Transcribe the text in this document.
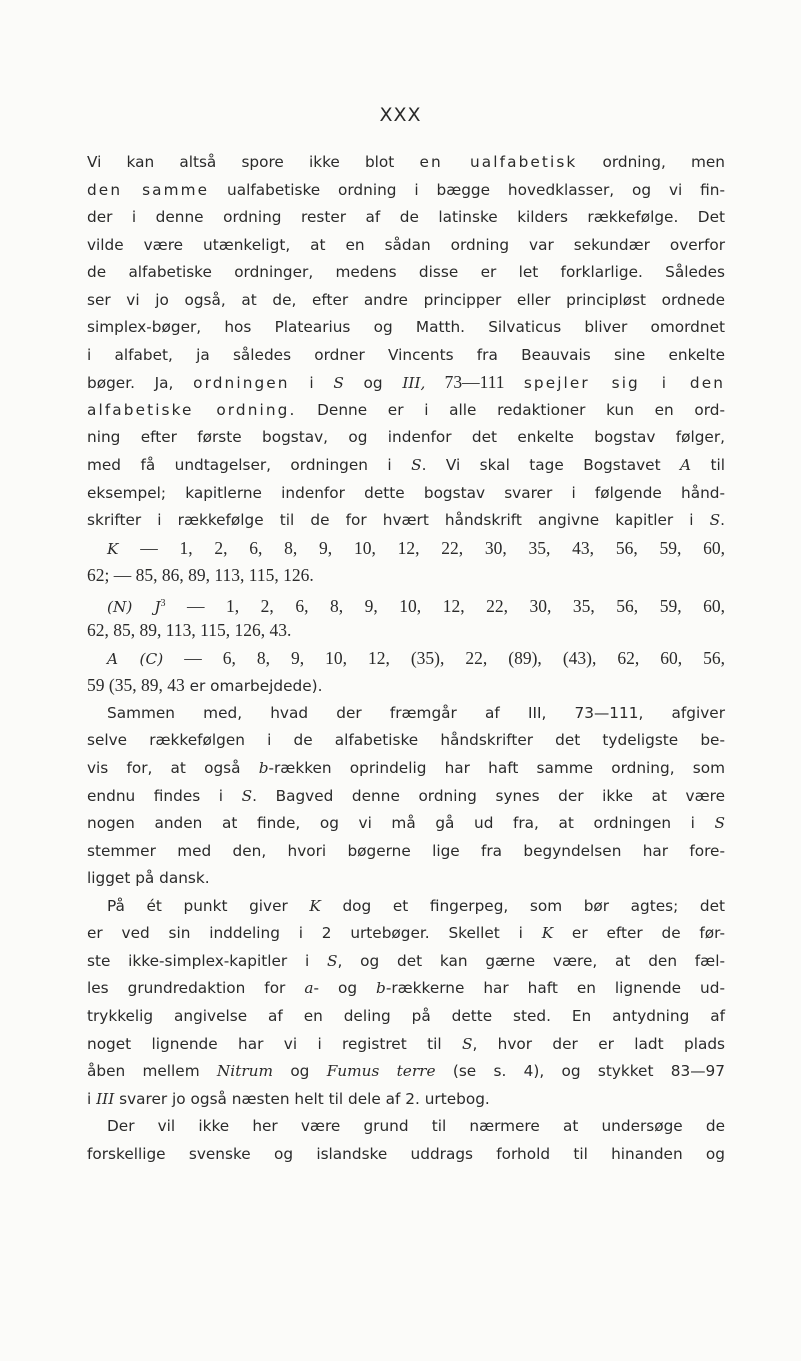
XXX
Vi kan altså spore ikke blot en ualfabetisk ordning, men
den samme ualfabetiske ordning i bægge hovedklasser, og vi fin-
der i denne ordning rester af de latinske kilders rækkefølge. Det
vilde være utænkeligt, at en sådan ordning var sekundær overfor
de alfabetiske ordninger, medens disse er let forklarlige. Således
ser vi jo også, at de, efter andre principper eller principløst ordnede
simplex-bøger, hos Platearius og Matth. Silvaticus bliver omordnet
i alfabet, ja således ordner Vincents fra Beauvais sine enkelte
bøger. Ja, ordningen i S og III, 73—111 spejler sig i den
alfabetiske ordning. Denne er i alle redaktioner kun en ord-
ning efter første bogstav, og indenfor det enkelte bogstav følger,
med få undtagelser, ordningen i S. Vi skal tage Bogstavet A til
eksempel; kapitlerne indenfor dette bogstav svarer i følgende hånd-
skrifter i rækkefølge til de for hvært håndskrift angivne kapitler i S.
K — 1, 2, 6, 8, 9, 10, 12, 22, 30, 35, 43, 56, 59, 60,
62; — 85, 86, 89, 113, 115, 126.
(N) $J^3$ — 1, 2, 6, 8, 9, 10, 12, 22, 30, 35, 56, 59, 60,
62, 85, 89, 113, 115, 126, 43.
A (C) — 6, 8, 9, 10, 12, (35), 22, (89), (43), 62, 60, 56,
59 (35, 89, 43 er omarbejdede).
Sammen med, hvad der fræmgår af III, 73—111, afgiver
selve rækkefølgen i de alfabetiske håndskrifter det tydeligste be-
vis for, at også b-rækken oprindelig har haft samme ordning, som
endnu findes i S. Bagved denne ordning synes der ikke at være
nogen anden at finde, og vi må gå ud fra, at ordningen i S
stemmer med den, hvori bøgerne lige fra begyndelsen har fore-
ligget på dansk.
På ét punkt giver K dog et fingerpeg, som bør agtes; det
er ved sin inddeling i 2 urtebøger. Skellet i K er efter de før-
ste ikke-simplex-kapitler i S, og det kan gærne være, at den fæl-
les grundredaktion for a- og b-rækkerne har haft en lignende ud-
trykkelig angivelse af en deling på dette sted. En antydning af
noget lignende har vi i registret til S, hvor der er ladt plads
åben mellem Nitrum og Fumus terre (se s. 4), og stykket 83—97
i III svarer jo også næsten helt til dele af 2. urtebog.
Der vil ikke her være grund til nærmere at undersøge de
forskellige svenske og islandske uddrags forhold til hinanden og
